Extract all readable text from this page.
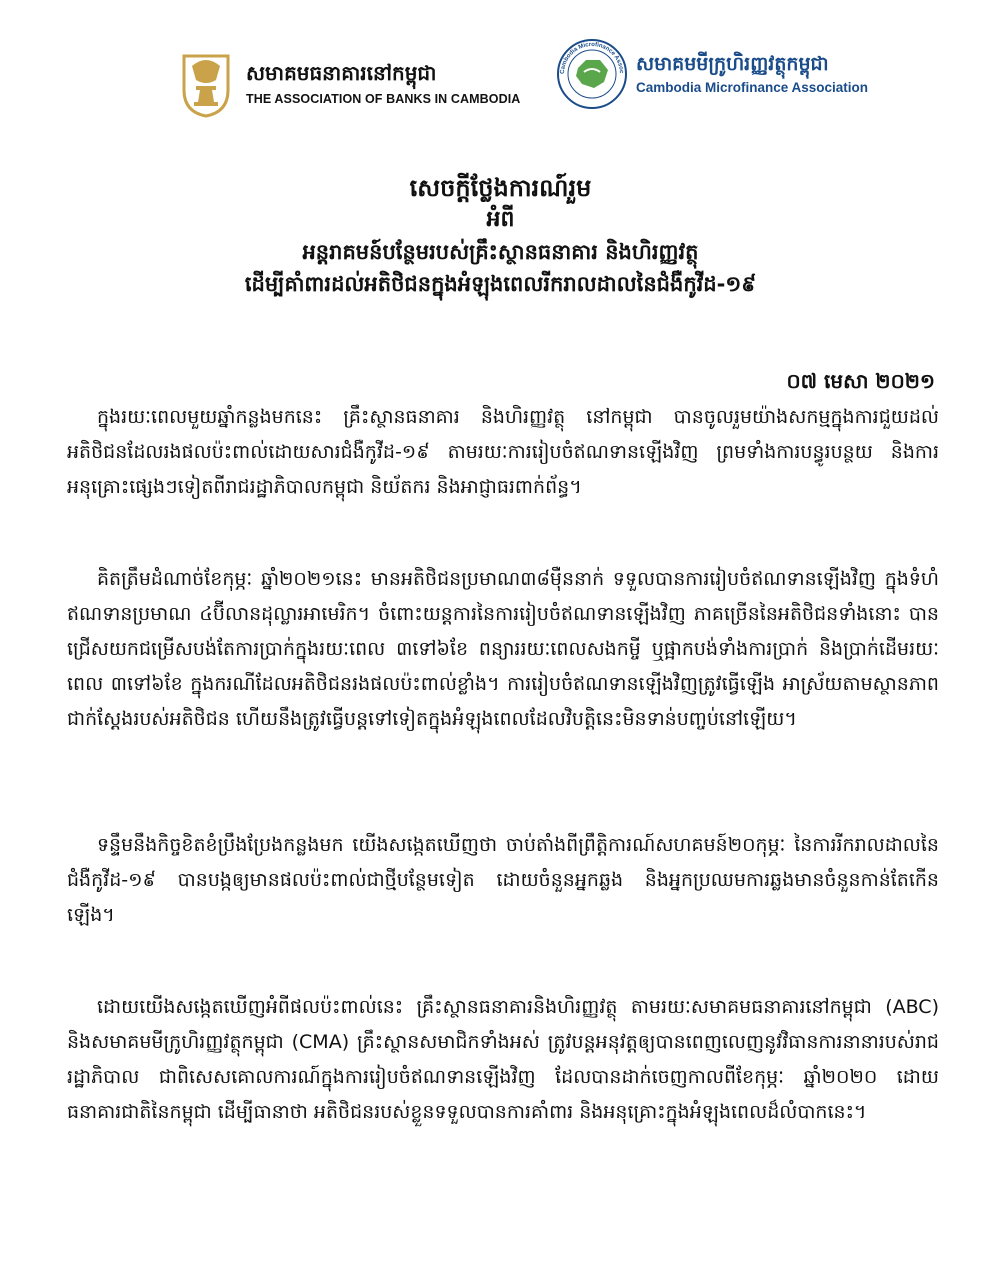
សមាគមធនាគារនៅកម្ពុជា
THE ASSOCIATION OF BANKS IN CAMBODIA
Cambodia Microfinance Assoc សមាគមមីក្រូហិរញ្ញវត្ថុកម្ពុជា
Cambodia Microfinance Association
សេចក្ដីថ្លែងការណ៍រួម
អំពី
អន្តរាគមន៍បន្ថែមរបស់គ្រឹះស្ថានធនាគារ និងហិរញ្ញវត្ថុ
ដើម្បីគាំពារដល់អតិថិជនក្នុងអំឡុងពេលរីករាលដាលនៃជំងឺកូវីដ-១៩
០៧ មេសា ២០២១

ក្នុងរយៈពេលមួយឆ្នាំកន្លងមកនេះ គ្រឹះស្ថានធនាគារ និងហិរញ្ញវត្ថុ នៅកម្ពុជា បានចូលរួមយ៉ាងសកម្មក្នុងការជួយដល់អតិថិជនដែលរងផលប៉ះពាល់ដោយសារជំងឺកូវីដ-១៩ តាមរយៈការរៀបចំឥណទានឡើងវិញ ព្រមទាំងការបន្ធូរបន្ថយ និងការអនុគ្រោះផ្សេងៗទៀតពីរាជរដ្ឋាភិបាលកម្ពុជា និយ័តករ និងអាជ្ញាធរពាក់ព័ន្ធ។

គិតត្រឹមដំណាច់ខែកុម្ភៈ ឆ្នាំ២០២១នេះ មានអតិថិជនប្រមាណ៣៨ម៉ឺននាក់ ទទួលបានការរៀបចំឥណទានឡើងវិញ ក្នុងទំហំឥណទានប្រមាណ ៤ប៊ីលានដុល្លារអាមេរិក។ ចំពោះយន្តការនៃការរៀបចំឥណទានឡើងវិញ ភាគច្រើននៃអតិថិជនទាំងនោះ បានជ្រើសយកជម្រើសបង់តែការប្រាក់ក្នុងរយៈពេល ៣ទៅ៦ខែ ពន្យាររយៈពេលសងកម្ចី ឬផ្អាកបង់ទាំងការប្រាក់ និងប្រាក់ដើមរយៈពេល ៣ទៅ៦ខែ ក្នុងករណីដែលអតិថិជនរងផលប៉ះពាល់ខ្លាំង។ ការរៀបចំឥណទានឡើងវិញត្រូវធ្វើឡើង អាស្រ័យតាមស្ថានភាពជាក់ស្ដែងរបស់អតិថិជន ហើយនឹងត្រូវធ្វើបន្តទៅទៀតក្នុងអំឡុងពេលដែលវិបត្តិនេះមិនទាន់បញ្ចប់នៅឡើយ។

ទន្ទឹមនឹងកិច្ចខិតខំប្រឹងប្រែងកន្លងមក យើងសង្កេតឃើញថា ចាប់តាំងពីព្រឹត្តិការណ៍សហគមន៍២០កុម្ភៈ នៃការរីករាលដាលនៃជំងឺកូវីដ-១៩ បានបង្កឲ្យមានផលប៉ះពាល់ជាថ្មីបន្ថែមទៀត ដោយចំនួនអ្នកឆ្លង និងអ្នកប្រឈមការឆ្លងមានចំនួនកាន់តែកើនឡើង។

ដោយយើងសង្កេតឃើញអំពីផលប៉ះពាល់នេះ គ្រឹះស្ថានធនាគារនិងហិរញ្ញវត្ថុ តាមរយៈសមាគមធនាគារនៅកម្ពុជា (ABC) និងសមាគមមីក្រូហិរញ្ញវត្ថុកម្ពុជា (CMA) គ្រឹះស្ថានសមាជិកទាំងអស់ ត្រូវបន្តអនុវត្តឲ្យបានពេញលេញនូវវិធានការនានារបស់រាជរដ្ឋាភិបាល ជាពិសេសគោលការណ៍ក្នុងការរៀបចំឥណទានឡើងវិញ ដែលបានដាក់ចេញកាលពីខែកុម្ភៈ ឆ្នាំ២០២០ ដោយធនាគារជាតិនៃកម្ពុជា ដើម្បីធានាថា អតិថិជនរបស់ខ្លួនទទួលបានការគាំពារ និងអនុគ្រោះក្នុងអំឡុងពេលដ៏លំបាកនេះ។
